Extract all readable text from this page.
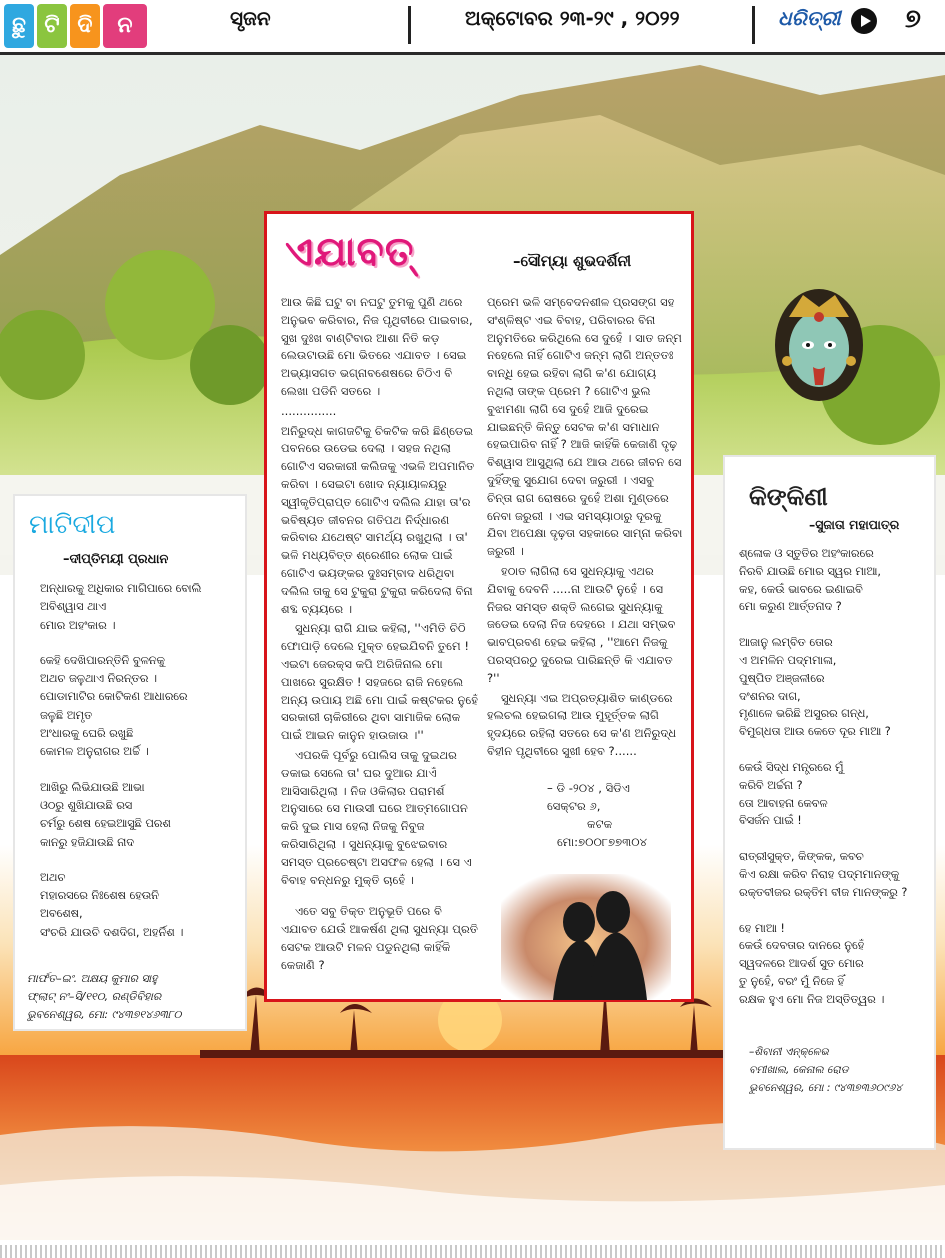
ଛୁ ଟି ଦି	ନ	ସୃଜନ	ଅକ୍ଟୋବର ୨୩-୨୯ , ୨୦୨୨	ଧରିତ୍ରୀ ୭
ଏଯାବତ୍	–ସୌମ୍ୟା ଶୁଭଦର୍ଶିନୀ

ଆଉ କିଛି ଘଟୁ ବା ନଘଟୁ ତୁମକୁ ପୁଣି ଥରେ ଅନୁଭବ କରିବାର, ନିଜ ପୃଥିବୀରେ ପାଇବାର, ସୁଖ ଦୁଃଖ ବାଣ୍ଟିବାର ଆଶା ନିତି କଡ଼ ଲେଉଟାଉଛି ମୋ ଭିତରେ ଏଯାବତ । ସେଇ ଅଭ୍ୟାସଗତ ଭଗ୍ନାବଶେଷରେ ଚିଠିଏ ବି ଲେଖା ପଡିନି ସତରେ ।

...............

ଅନିରୁଦ୍ଧ କାଗଜଟିକୁ ଚିକଟିକ କରି ଛିଣ୍ଡେଇ ପବନରେ ଉଡେଇ ଦେଲା । ସହଜ ନଥିଲା ଗୋଟିଏ ସରକାରୀ କଲିଜକୁ ଏଭଳି ଅପମାନିତ କରିବା । ସେଇଟା ଖୋଦ ନ୍ୟାୟାଳୟରୁ ସ୍ୱୀକୃତିପ୍ରାପ୍ତ ଗୋଟିଏ ଦଲିଲ ଯାହା ତା'ର ଭବିଷ୍ୟତ ଜୀବନର ଗତିପଥ ନିର୍ଦ୍ଧାରଣ କରିବାର ଯଥେଷ୍ଟ ସାମର୍ଥ୍ୟ ରଖୁଥିଲା । ତା' ଭଳି ମଧ୍ୟବିତ୍ତ ଶ୍ରେଣୀର ଲୋକ ପାଇଁ ଗୋଟିଏ ଭୟଙ୍କର ଦୁଃସମ୍ବାଦ ଧରିଥିବା ଦଲିଲ ତାକୁ ସେ ଟୁକୁରା ଟୁକୁରା କରିଦେଲା ବିନା ଶବ୍ଦ ବ୍ୟୟରେ ।

ସୁଧନ୍ୟା ରାଗି ଯାଇ କହିଲା, ''ଏମିତି ଚିଠି ଫୋପାଡ଼ି ଦେଲେ ମୁକ୍ତ ହେଇଯିବନି ତୁମେ ! ଏଇଟା ଜେରକ୍ସ କପି ଅରିଜିନାଲ ମୋ ପାଖରେ ସୁରକ୍ଷିତ ! ସହଜରେ ରାଜି ନହେଲେ ଅନ୍ୟ ଉପାୟ ଅଛି ମୋ ପାଇଁ କଷ୍ଟକର ନୁହେଁ ସରକାରୀ ଚାକିରୀରେ ଥିବା ସାମାଜିକ ଲୋକ ପାଇଁ ଆଇନ କାନୁନ ହାଉଜାଉ ।''

ଏପରକି ପୂର୍ବରୁ ପୋଲିସ ତାକୁ ଦୁଇଥର ଡକାଇ ସେଲେ ତା' ଘର ଦୁଆର ଯାଏଁ ଆସିସାରିଥିଲା । ନିଜ ଓକିଲାର ପରାମର୍ଶ ଅନୁସାରେ ସେ ମାଉସୀ ଘରେ ଆତ୍ମଗୋପନ କରି ଦୁଇ ମାସ ହେଲା ନିଜକୁ ନିବୁଜ କରିସାରିଥିଲା । ସୁଧନ୍ୟାକୁ ବୁଝେଇବାର ସମସ୍ତ ପ୍ରଚେଷ୍ଟା ଅସଫଳ ହେଲା । ସେ ଏ ବିବାହ ବନ୍ଧନରୁ ମୁକ୍ତି ଚାହେଁ ।

ଏତେ ସବୁ ତିକ୍ତ ଅନୁଭୂତି ପରେ ବି ଏଯାବତ ଯେଉଁ ଆକର୍ଷଣ ଥିଲା ସୁଧନ୍ୟା ପ୍ରତି ସେଟକ ଆଉଟି ମଳନ ପଡୁନଥିଲା କାହିଁକି କେଜାଣି ?

ପ୍ରେମ ଭଳି ସମ୍ବେଦନଶୀଳ ପ୍ରସଙ୍ଗ ସହ ସଂଶ୍ଳିଷ୍ଟ ଏଇ ବିବାହ, ପରିବାରର ବିନା ଅନୁମତିରେ କରିଥିଲେ ସେ ଦୁହେଁ । ସାତ ଜନ୍ମ ନହେଲେ ନାହିଁ ଗୋଟିଏ ଜନ୍ମ ଲାଗି ଅନ୍ତତଃ ବାନ୍ଧି ହେଇ ରହିବା ଲାଗି କ'ଣ ଯୋଗ୍ୟ ନଥିଲା ତାଙ୍କ ପ୍ରେମ ? ଗୋଟିଏ ଭୁଲ ବୁଝାମଣା ଲାଗି ସେ ଦୁହେଁ ଆଜି ଦୁରେଇ ଯାଇଛନ୍ତି କିନ୍ତୁ ସେଟକ କ'ଣ ସମାଧାନ ହେଇପାରିବ ନାହିଁ ? ଆଜି କାହିଁକି କେଜାଣି ଦୃଢ଼ ବିଶ୍ୱାସ ଆସୁଥିଲା ଯେ ଆଉ ଥରେ ଜୀବନ ସେ ଦୁହିଁଙ୍କୁ ସୁଯୋଗ ଦେବା ଜରୁରୀ । ଏସବୁ ଚିନ୍ତା ରାଗ ରୋଷରେ ଦୁହେଁ ଅଶା ମୁଣ୍ଡରେ ନେବା ଜରୁରୀ । ଏଇ ସମସ୍ୟାଠାରୁ ଦୂରକୁ ଯିବା ଅପେକ୍ଷା ଦୃଢ଼ତା ସହକାରେ ସାମ୍ନା କରିବା ଜରୁରୀ ।

ହଠାତ ଲାଗିଲା ସେ ସୁଧନ୍ୟାକୁ ଏଥର ଯିବାକୁ ଦେବନି .....ନା ଆଉଟି ନୁହେଁ । ସେ ନିଜର ସମସ୍ତ ଶକ୍ତି ଲଗେଇ ସୁଧନ୍ୟାକୁ ଜଡେଇ ଦେଲା ନିଜ ଦେହରେ । ଯଥା ସମ୍ଭବ ଭାବପ୍ରବଣ ହେଇ କହିଲା , ''ଆମେ ନିଜକୁ ପରସ୍ପରଠୁ ଦୁରେଇ ପାରିଛନ୍ତି କି ଏଯାବତ ?''

ସୁଧନ୍ୟା ଏଇ ଅପ୍ରତ୍ୟାଶିତ କାଣ୍ଡରେ ହଲଚଲ ହେଇଗଲା ଆଉ ମୁହୂର୍ତ୍ତକ ଲାଗି ହୃଦୟରେ ରହିଲା ସତରେ ସେ କ'ଣ ଅନିରୁଦ୍ଧ ବିହୀନ ପୃଥିବୀରେ ସୁଖୀ ହେବ ?......

– ଡି -୨୦୪ , ସିଡିଏ ସେକ୍ଟର ୬,
କଟକ
ମୋ:୭୦୦୮୭୭୩୦୪
ମାଟିଦୀପ
–ଦୀପ୍ତିମୟୀ ପ୍ରଧାନ

ଅନ୍ଧାରକୁ ଅଧିକାର ମାଗିପାରେ ବୋଲି
ଅବିଶ୍ୱାସ ଥାଏ
ମୋର ଅହଂକାର ।

କେହି ଦେଖିପାରନ୍ତିନି ବୁଳନକୁ
ଅଥଚ ଜଳୁଥାଏ ନିରନ୍ତର ।
ପୋଡାମାଟିର କୋଟିକଣ ଆଧାରରେ
ଜଳୁଛି ଅମୃତ
ଅଂଧାରକୁ ଘେରି ରଖୁଛି
କୋମଳ ଅନୁରାଗର ଅର୍ଚ୍ଚି ।

ଆଖିରୁ ଲିଭିଯାଉଛି ଆଭା
ଓଠରୁ ଶୁଖିଯାଉଛି ରସ
ଚର୍ମରୁ ଶେଷ ହେଇଆସୁଛି ପରଶ
କାନରୁ ହଜିଯାଉଛି ନାଦ

ଅଥଚ
ମହାରସରେ ନିଃଶେଷ ହେଉନି
ଅବଶେଷ,
ସଂଚରି ଯାଉଚି ଦଶଦିଗ, ଅହର୍ନିଶ ।

ମାର୍ଫତ–ଇଂ. ଅକ୍ଷୟ କୁମାର ସାହୁ
ଫ୍ଲାଟ୍ ନଂ–ସି/୧୧୦, ରଣ୍ଡିବିହାର
ଭୁବନେଶ୍ୱର, ମୋ: ୯୪୩୭୧୪୬୩୮୦
କିଙ୍କିଣୀ
–ସୁଜାତା ମହାପାତ୍ର

ଶ୍ଳୋକ ଓ ସ୍ତୁତିର ଅହଂକାରରେ
ନିରବି ଯାଉଛି ମୋର ସ୍ୱର ମାଆ,
କହ, କେଉଁ ଭାବରେ ଇଣାଇବି
ମୋ କରୁଣ ଆର୍ତ୍ତନାଦ ?

ଆଜାନୁ ଲମ୍ବିତ ତୋର
ଏ ଅମଳିନ ପଦ୍ମମାଳା,
ପୁଷ୍ପିତ ଅଞ୍ଜଳୀରେ
ଦଂଶନର ଦାଗ,
ମୃଣାଳେ ଭରିଛି ଅସୁରର ଗନ୍ଧ,
ବିମୁଗ୍ଧତା ଆଉ କେତେ ଦୂର ମାଆ ?

କେଉଁ ସିଦ୍ଧ ମନ୍ତ୍ରରେ ମୁଁ
କରିବି ଅର୍ଚ୍ଚନା ?
ତୋ ଆବାହନା କେବଳ
ବିସର୍ଜନ ପାଇଁ !

ରାତ୍ରୀସୁକ୍ତ, କିଙ୍କକ, କବଚ
କିଏ ରକ୍ଷା କରିବ ନିରାହ ପଦ୍ମମାନଙ୍କୁ
ରକ୍ତବୀଜର ରକ୍ତିମ ବୀଜ ମାନଙ୍କରୁ ?

ହେ ମାଆ !
କେଉଁ ଦେବତାର ଦାନରେ ନୁହେଁ
ସ୍ୱଦଳରେ ଆଦର୍ଶ ସୁତ ମୋର
ତୁ ନୁହେଁ, ବରଂ ମୁଁ ନିଜେ ହିଁ
ରକ୍ଷକ ହୁଏ ମୋ ନିଜ ଅସ୍ତିତ୍ୱର ।

–ଶିବାନୀ ଏନ୍‌କ୍ଳେଭ
ବମୀଖାଲ, କେନାଲ ରୋଡ
ଭୁବନେଶ୍ୱର, ମୋ : ୯୪୩୭୩୬୦୯୬୪
